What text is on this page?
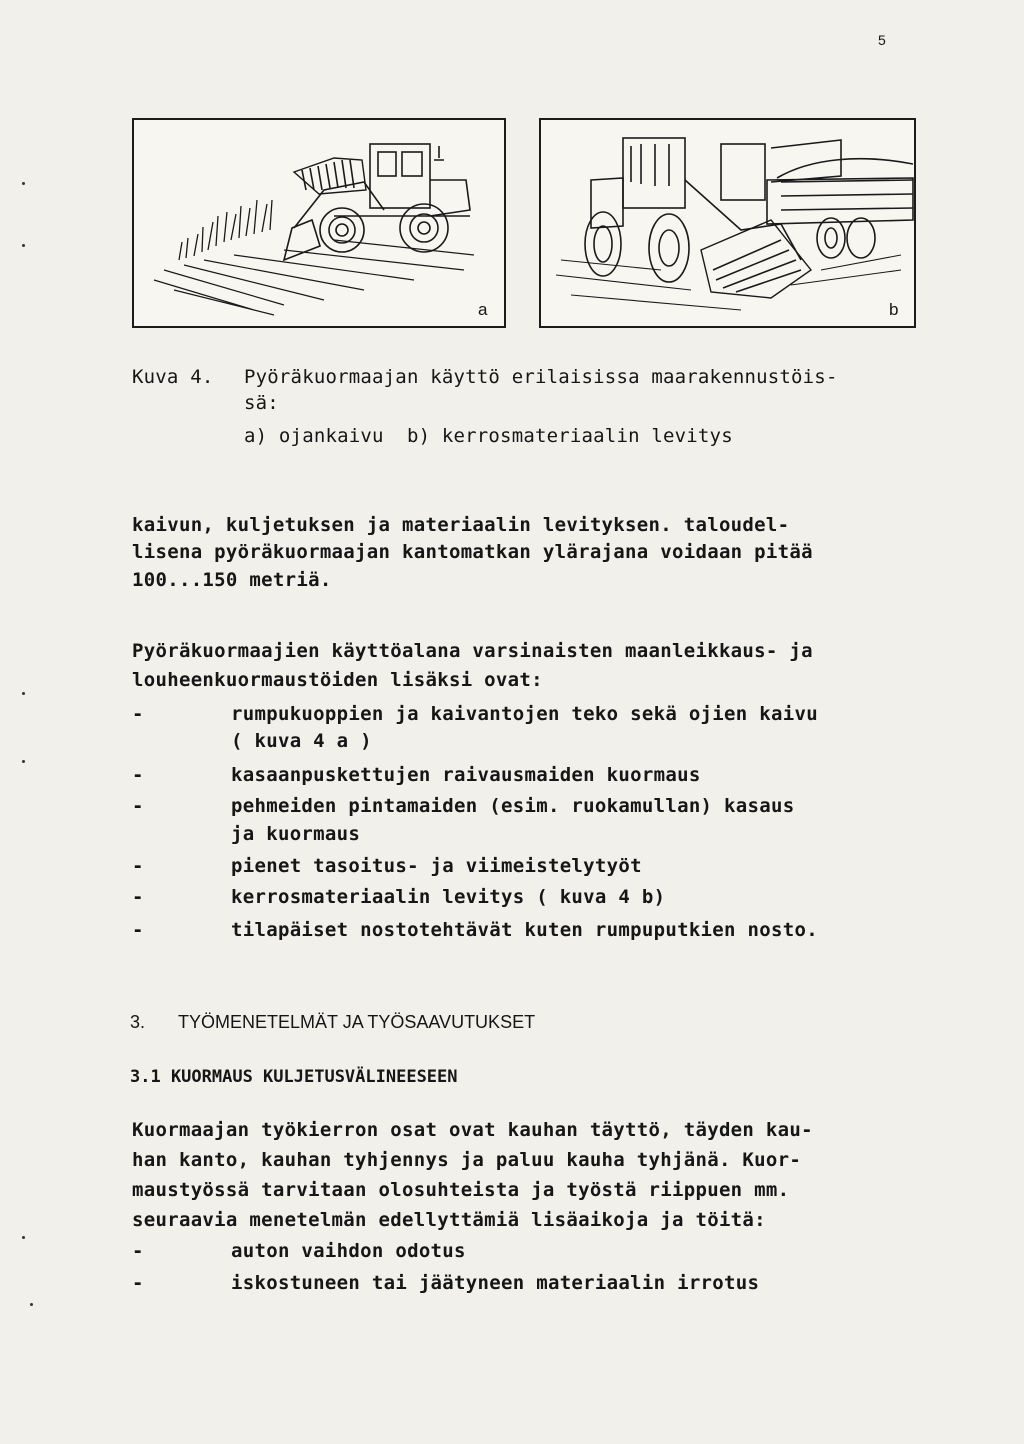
5
a	b
Kuva 4. Pyöräkuormaajan käyttö erilaisissa maarakennustöis-
sä:
a) ojankaivu  b) kerrosmateriaalin levitys
kaivun, kuljetuksen ja materiaalin levityksen. taloudel-
lisena pyöräkuormaajan kantomatkan ylärajana voidaan pitää
100...150 metriä.
Pyöräkuormaajien käyttöalana varsinaisten maanleikkaus- ja
louheenkuormaustöiden lisäksi ovat:
-	rumpukuoppien ja kaivantojen teko sekä ojien kaivu
( kuva 4 a )
-	kasaanpuskettujen raivausmaiden kuormaus
-	pehmeiden pintamaiden (esim. ruokamullan) kasaus
ja kuormaus
-	pienet tasoitus- ja viimeistelytyöt
-	kerrosmateriaalin levitys ( kuva 4 b)
-	tilapäiset nostotehtävät kuten rumpuputkien nosto.
3. TYÖMENETELMÄT JA TYÖSAAVUTUKSET
3.1 KUORMAUS KULJETUSVÄLINEESEEN
Kuormaajan työkierron osat ovat kauhan täyttö, täyden kau-
han kanto, kauhan tyhjennys ja paluu kauha tyhjänä. Kuor-
maustyössä tarvitaan olosuhteista ja työstä riippuen mm.
seuraavia menetelmän edellyttämiä lisäaikoja ja töitä:
-	auton vaihdon odotus
-	iskostuneen tai jäätyneen materiaalin irrotus
